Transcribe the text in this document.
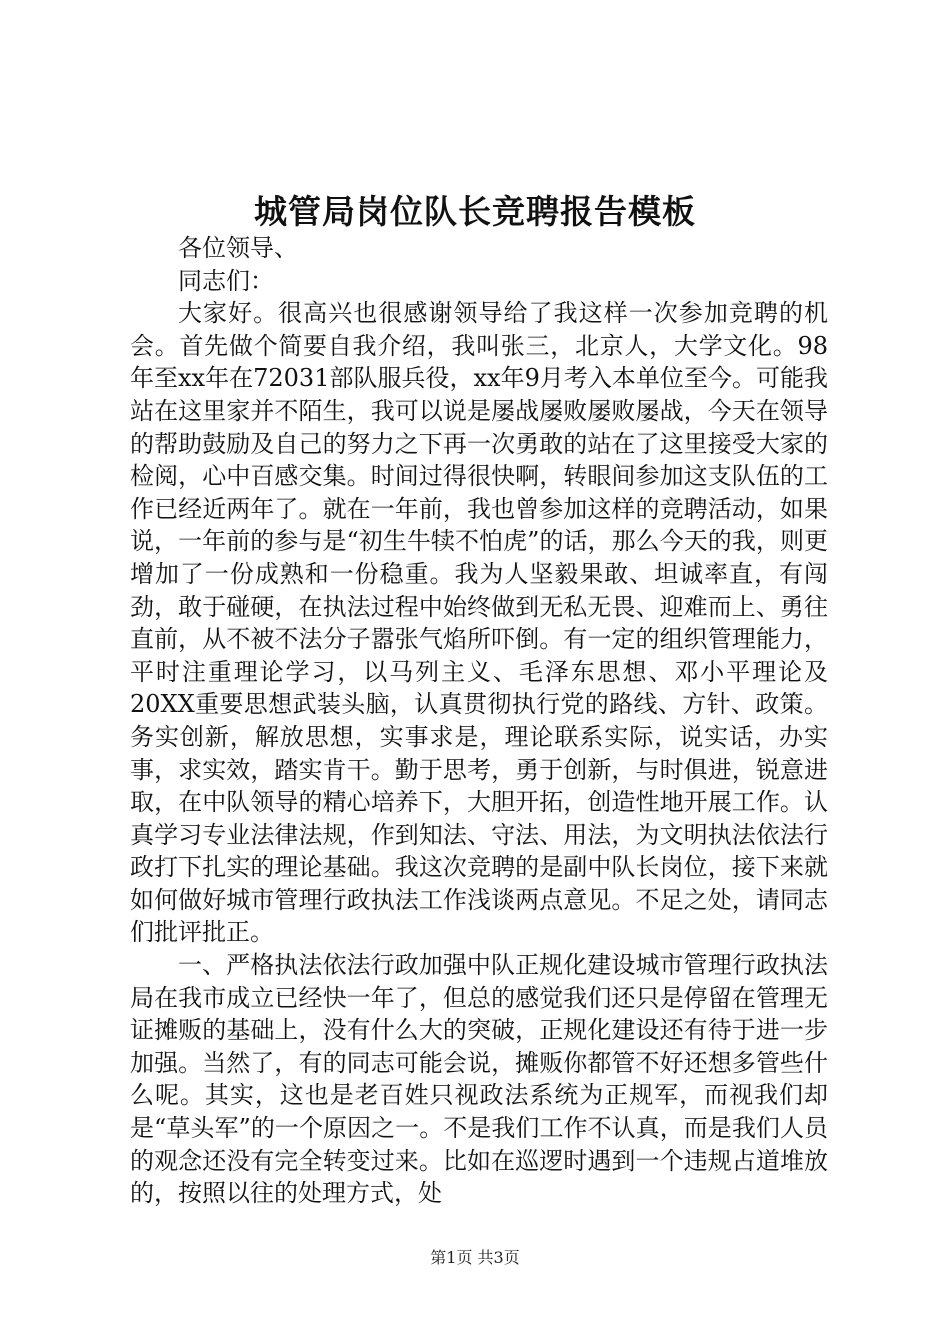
城管局岗位队长竞聘报告模板

各位领导、

同志们：

大家好。很高兴也很感谢领导给了我这样一次参加竞聘的机会。首先做个简要自我介绍，我叫张三，北京人，大学文化。98年至xx年在72031部队服兵役，xx年9月考入本单位至今。可能我站在这里家并不陌生，我可以说是屡战屡败屡败屡战，今天在领导的帮助鼓励及自己的努力之下再一次勇敢的站在了这里接受大家的检阅，心中百感交集。时间过得很快啊，转眼间参加这支队伍的工作已经近两年了。就在一年前，我也曾参加这样的竞聘活动，如果说，一年前的参与是“初生牛犊不怕虎”的话，那么今天的我，则更增加了一份成熟和一份稳重。我为人坚毅果敢、坦诚率直，有闯劲，敢于碰硬，在执法过程中始终做到无私无畏、迎难而上、勇往直前，从不被不法分子嚣张气焰所吓倒。有一定的组织管理能力，平时注重理论学习，以马列主义、毛泽东思想、邓小平理论及20XX重要思想武装头脑，认真贯彻执行党的路线、方针、政策。务实创新，解放思想，实事求是，理论联系实际，说实话，办实事，求实效，踏实肯干。勤于思考，勇于创新，与时俱进，锐意进取，在中队领导的精心培养下，大胆开拓，创造性地开展工作。认真学习专业法律法规，作到知法、守法、用法，为文明执法依法行政打下扎实的理论基础。我这次竞聘的是副中队长岗位，接下来就如何做好城市管理行政执法工作浅谈两点意见。不足之处，请同志们批评批正。

一、严格执法依法行政加强中队正规化建设城市管理行政执法局在我市成立已经快一年了，但总的感觉我们还只是停留在管理无证摊贩的基础上，没有什么大的突破，正规化建设还有待于进一步加强。当然了，有的同志可能会说，摊贩你都管不好还想多管些什么呢。其实，这也是老百姓只视政法系统为正规军，而视我们却是“草头军”的一个原因之一。不是我们工作不认真，而是我们人员的观念还没有完全转变过来。比如在巡逻时遇到一个违规占道堆放的，按照以往的处理方式，处

第1页 共3页
